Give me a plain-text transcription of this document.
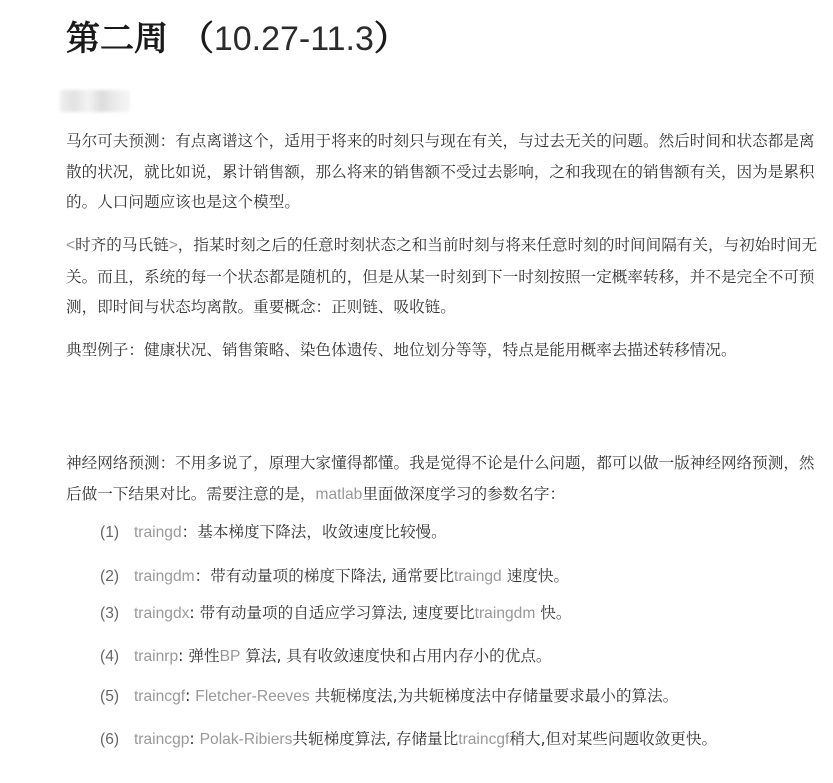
第二周 （10.27-11.3）

马尔可夫预测：有点离谱这个，适用于将来的时刻只与现在有关，与过去无关的问题。然后时间和状态都是离散的状况，就比如说，累计销售额，那么将来的销售额不受过去影响，之和我现在的销售额有关，因为是累积的。人口问题应该也是这个模型。

<时齐的马氏链>，指某时刻之后的任意时刻状态之和当前时刻与将来任意时刻的时间间隔有关，与初始时间无关。而且，系统的每一个状态都是随机的，但是从某一时刻到下一时刻按照一定概率转移，并不是完全不可预测，即时间与状态均离散。重要概念：正则链、吸收链。

典型例子：健康状况、销售策略、染色体遗传、地位划分等等，特点是能用概率去描述转移情况。

神经网络预测：不用多说了，原理大家懂得都懂。我是觉得不论是什么问题，都可以做一版神经网络预测，然后做一下结果对比。需要注意的是，matlab里面做深度学习的参数名字：

(1) traingd：基本梯度下降法，收敛速度比较慢。

(2) traingdm：带有动量项的梯度下降法, 通常要比traingd 速度快。

(3) traingdx: 带有动量项的自适应学习算法, 速度要比traingdm 快。

(4) trainrp: 弹性BP 算法, 具有收敛速度快和占用内存小的优点。

(5) traincgf: Fletcher-Reeves 共轭梯度法,为共轭梯度法中存储量要求最小的算法。

(6) traincgp: Polak-Ribiers共轭梯度算法, 存储量比traincgf稍大,但对某些问题收敛更快。
